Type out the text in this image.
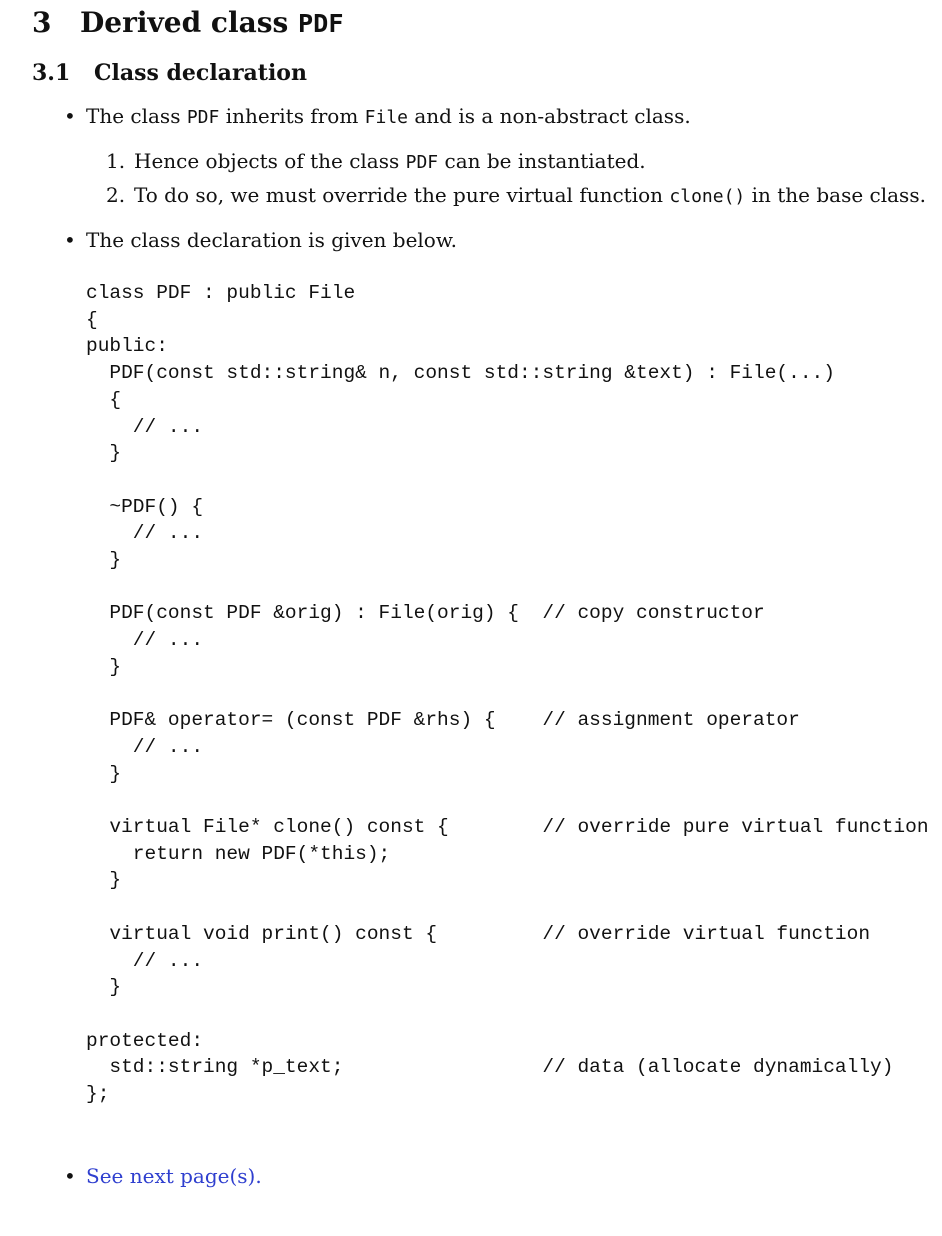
3 Derived class PDF
3.1 Class declaration
• The class PDF inherits from File and is a non-abstract class.
1. Hence objects of the class PDF can be instantiated.
2. To do so, we must override the pure virtual function clone() in the base class.
• The class declaration is given below.
class PDF : public File
{
public:
PDF(const std::string& n, const std::string &text) : File(...)
{
// ...
}

~PDF() {
// ...
}

PDF(const PDF &orig) : File(orig) {  // copy constructor
// ...
}

PDF& operator= (const PDF &rhs) {    // assignment operator
// ...
}

virtual File* clone() const {        // override pure virtual function
return new PDF(*this);
}

virtual void print() const {         // override virtual function
// ...
}

protected:
std::string *p_text;                 // data (allocate dynamically)
};
• See next page(s).
